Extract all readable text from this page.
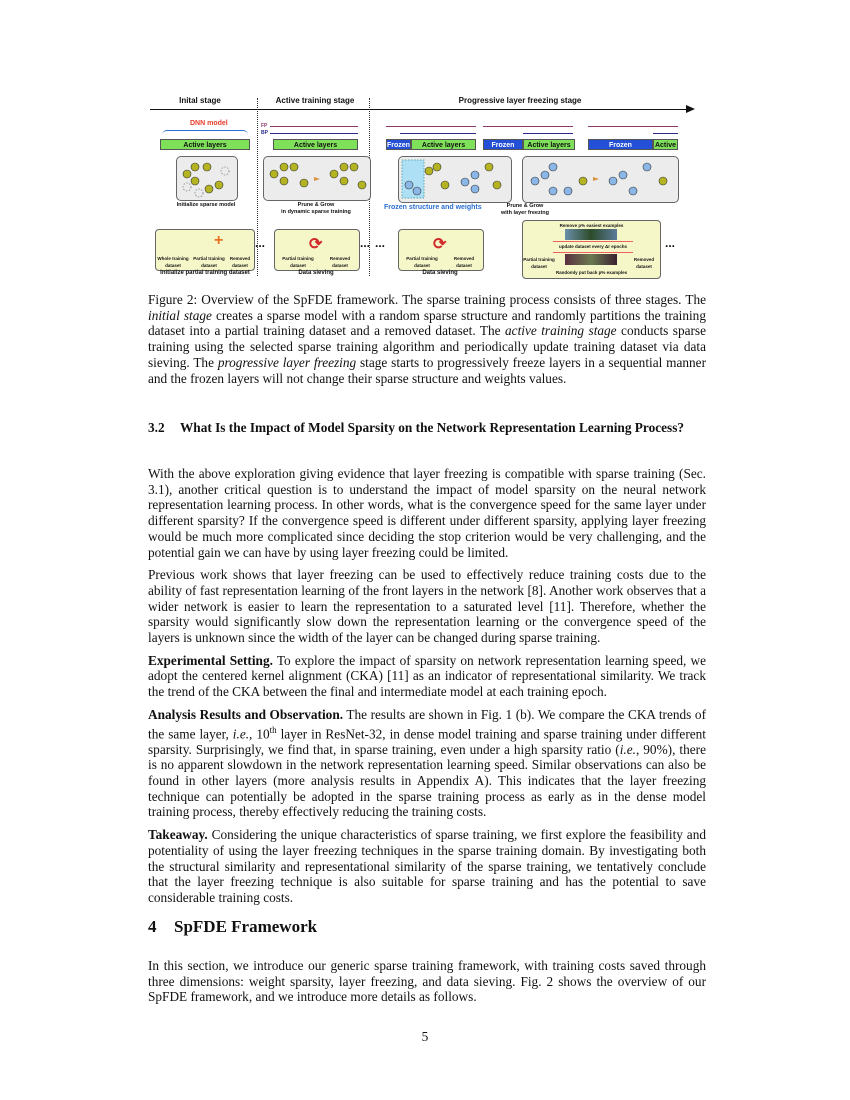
Inital stage	Active training stage	Progressive layer freezing stage
DNN model
Active layers
FP
BP
Active layers	Frozen	Active layers	Frozen	Active layers	Frozen	Active
Initialize sparse model	Prune & Grow
in dynamic sparse training
Frozen structure and weights	Prune & Grow
with layer freezing
Whole training
dataset
Partial training
dataset
Removed
dataset
+
Initialize partial training dataset
...	⟳
Partial training
dataset
Removed
dataset
Data sieving
... ...	⟳
Partial training
dataset
Removed
dataset
Data sieving
Remove p% easiest examples
update dataset every Δr epochs
Partial training
dataset
Removed
dataset
Randomly put back p% examples
...

Figure 2: Overview of the SpFDE framework. The sparse training process consists of three stages. The initial stage creates a sparse model with a random sparse structure and randomly partitions the training dataset into a partial training dataset and a removed dataset. The active training stage conducts sparse training using the selected sparse training algorithm and periodically update training dataset via data sieving. The progressive layer freezing stage starts to progressively freeze layers in a sequential manner and the frozen layers will not change their sparse structure and weights values.

3.2 What Is the Impact of Model Sparsity on the Network Representation Learning Process?

With the above exploration giving evidence that layer freezing is compatible with sparse training (Sec. 3.1), another critical question is to understand the impact of model sparsity on the neural network representation learning process. In other words, what is the convergence speed for the same layer under different sparsity? If the convergence speed is different under different sparsity, applying layer freezing would be much more complicated since deciding the stop criterion would be very challenging, and the potential gain we can have by using layer freezing could be limited.

Previous work shows that layer freezing can be used to effectively reduce training costs due to the ability of fast representation learning of the front layers in the network [8]. Another work observes that a wider network is easier to learn the representation to a saturated level [11]. Therefore, whether the sparsity would significantly slow down the representation learning or the convergence speed of the layers is unknown since the width of the layer can be changed during sparse training.

Experimental Setting. To explore the impact of sparsity on network representation learning speed, we adopt the centered kernel alignment (CKA) [11] as an indicator of representational similarity. We track the trend of the CKA between the final and intermediate model at each training epoch.

Analysis Results and Observation. The results are shown in Fig. 1 (b). We compare the CKA trends of the same layer, i.e., 10th layer in ResNet-32, in dense model training and sparse training under different sparsity. Surprisingly, we find that, in sparse training, even under a high sparsity ratio (i.e., 90%), there is no apparent slowdown in the network representation learning speed. Similar observations can also be found in other layers (more analysis results in Appendix A). This indicates that the layer freezing technique can potentially be adopted in the sparse training process as early as in the dense model training process, thereby effectively reducing the training costs.

Takeaway. Considering the unique characteristics of sparse training, we first explore the feasibility and potentiality of using the layer freezing techniques in the sparse training domain. By investigating both the structural similarity and representational similarity of the sparse training, we tentatively conclude that the layer freezing technique is also suitable for sparse training and has the potential to save considerable training costs.

4 SpFDE Framework

In this section, we introduce our generic sparse training framework, with training costs saved through three dimensions: weight sparsity, layer freezing, and data sieving. Fig. 2 shows the overview of our SpFDE framework, and we introduce more details as follows.

5
